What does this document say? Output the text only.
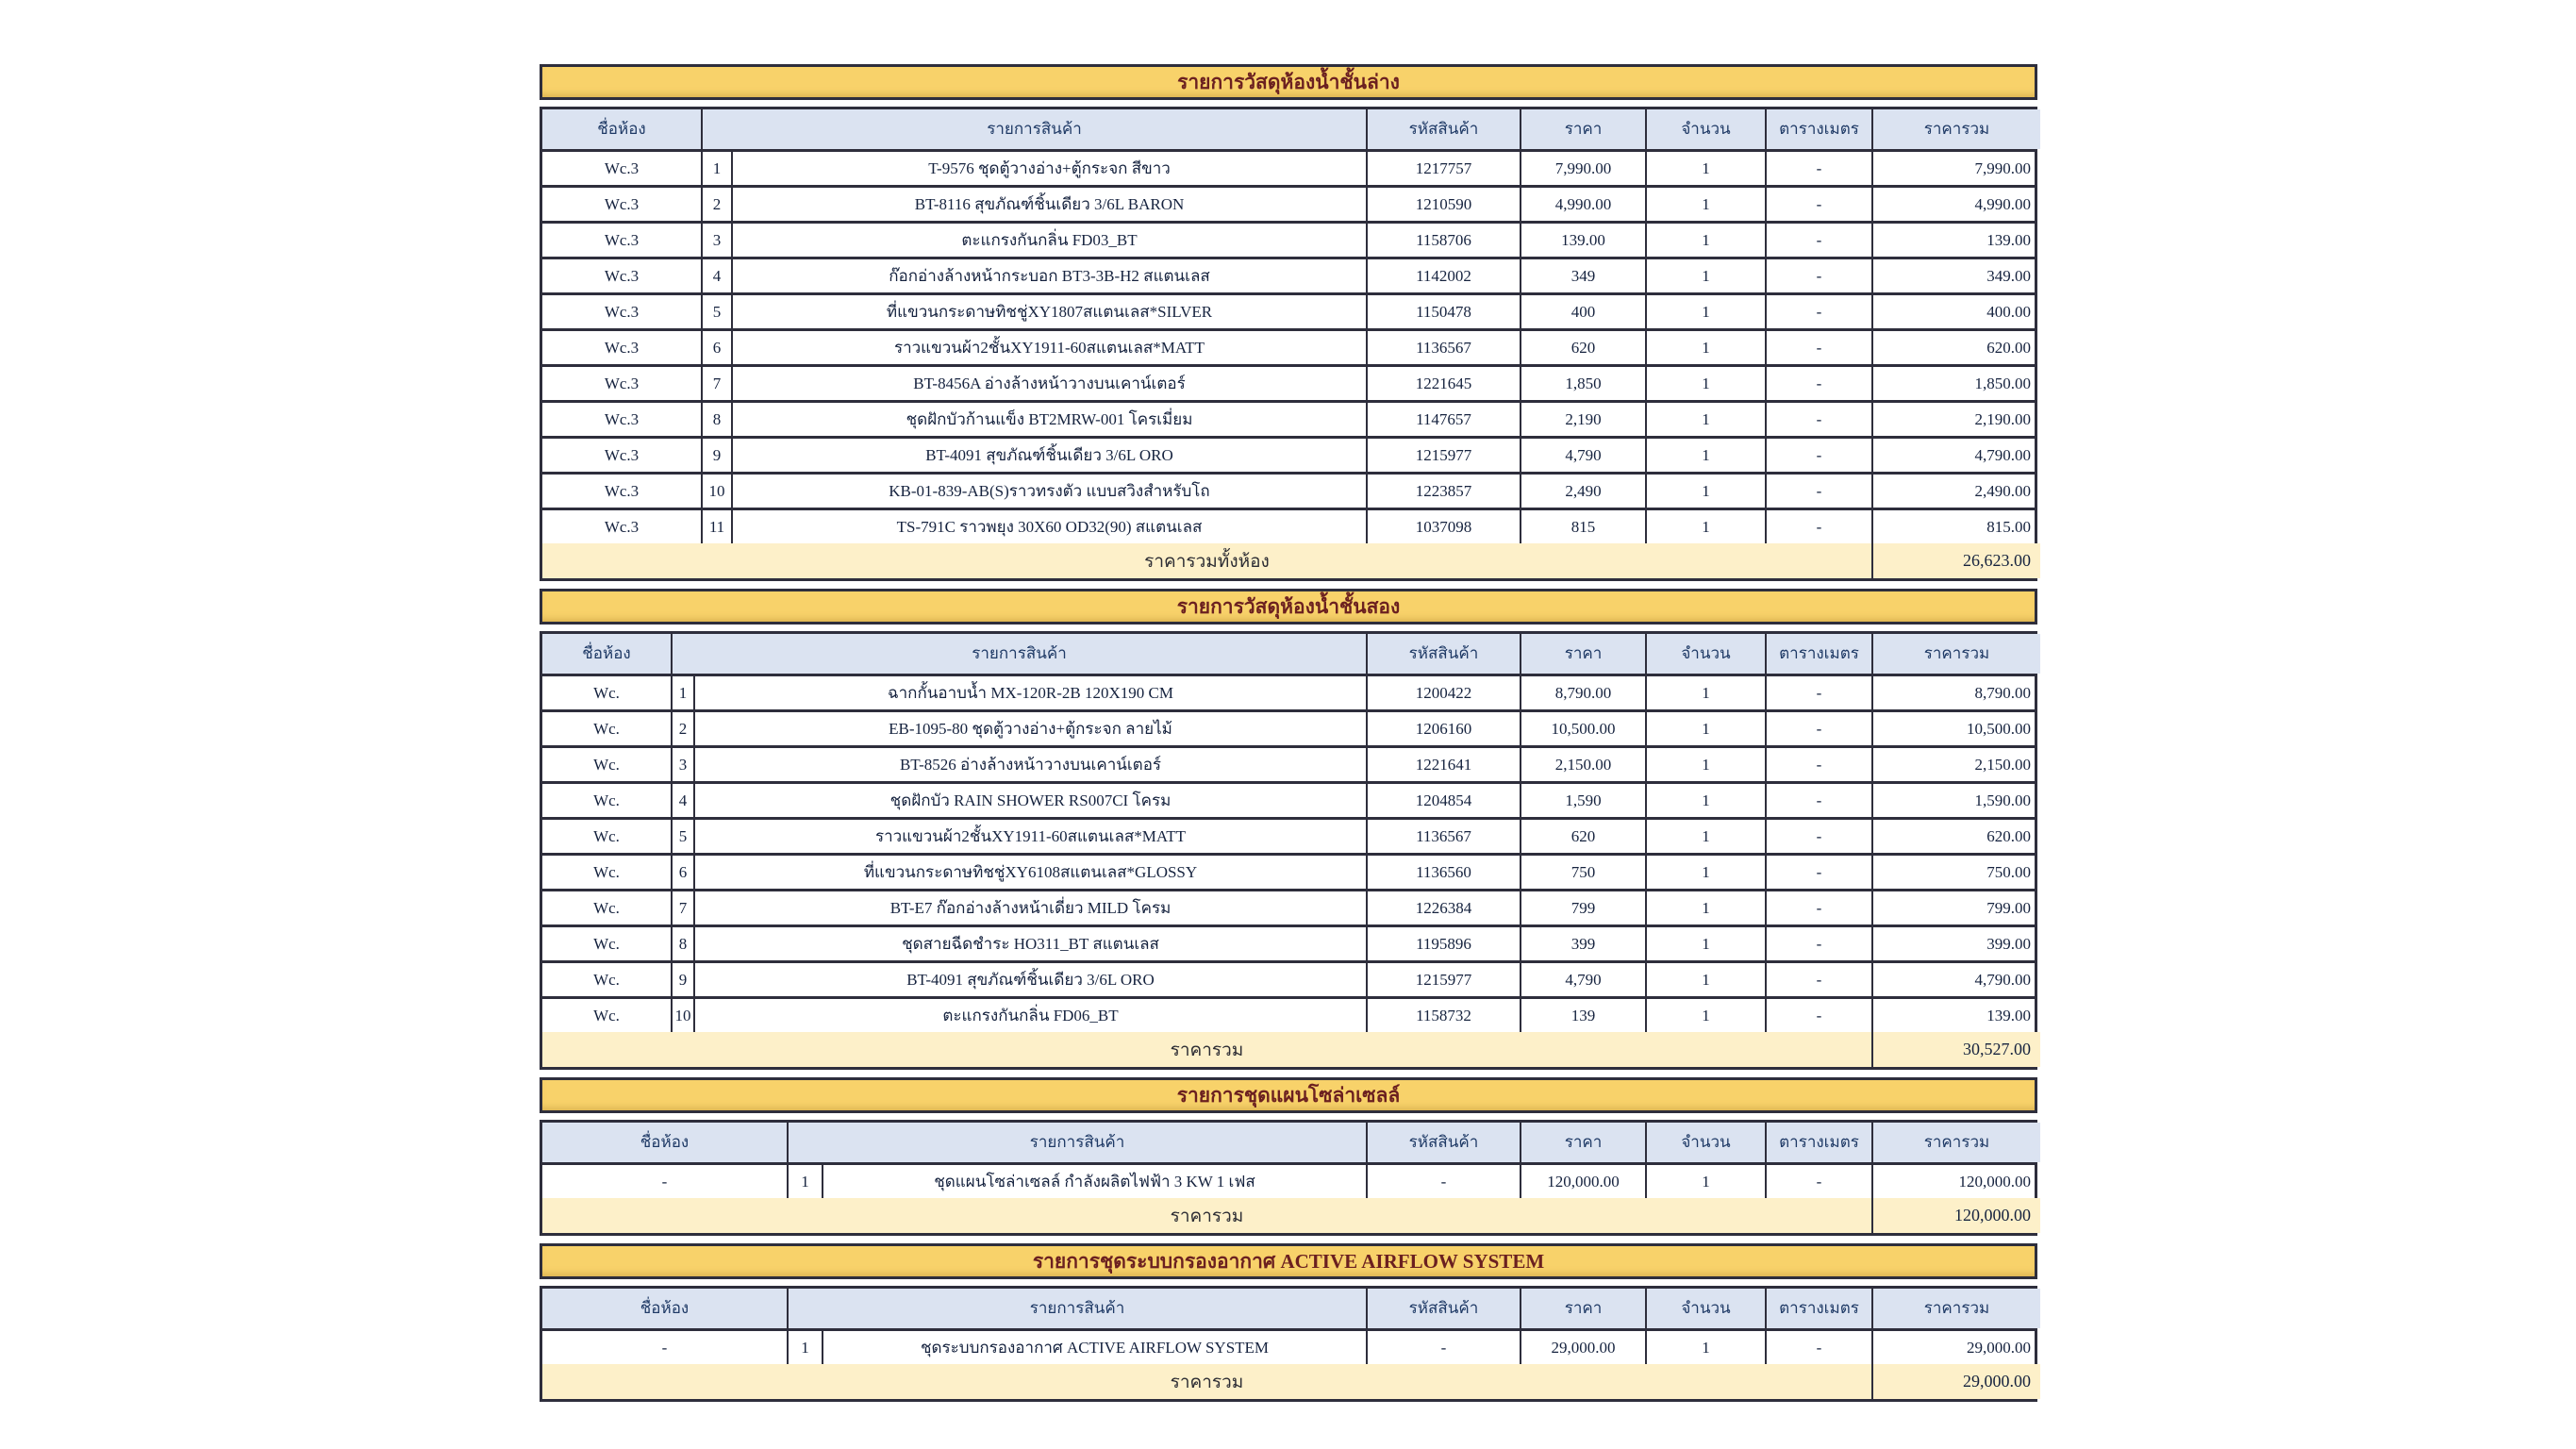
รายการวัสดุห้องน้ำชั้นล่าง
ชื่อห้อง	รายการสินค้า	รหัสสินค้า	ราคา	จำนวน	ตารางเมตร	ราคารวม
Wc.3	1	T-9576 ชุดตู้วางอ่าง+ตู้กระจก สีขาว	1217757	7,990.00	1	-	7,990.00
Wc.3	2	BT-8116 สุขภัณฑ์ชิ้นเดียว 3/6L BARON	1210590	4,990.00	1	-	4,990.00
Wc.3	3	ตะแกรงกันกลิ่น FD03_BT	1158706	139.00	1	-	139.00
Wc.3	4	ก๊อกอ่างล้างหน้ากระบอก BT3-3B-H2 สแตนเลส	1142002	349	1	-	349.00
Wc.3	5	ที่แขวนกระดาษทิชชู่XY1807สแตนเลส*SILVER	1150478	400	1	-	400.00
Wc.3	6	ราวแขวนผ้า2ชั้นXY1911-60สแตนเลส*MATT	1136567	620	1	-	620.00
Wc.3	7	BT-8456A อ่างล้างหน้าวางบนเคาน์เตอร์	1221645	1,850	1	-	1,850.00
Wc.3	8	ชุดฝักบัวก้านแข็ง BT2MRW-001 โครเมี่ยม	1147657	2,190	1	-	2,190.00
Wc.3	9	BT-4091 สุขภัณฑ์ชิ้นเดียว 3/6L ORO	1215977	4,790	1	-	4,790.00
Wc.3	10	KB-01-839-AB(S)ราวทรงตัว แบบสวิงสำหรับโถ	1223857	2,490	1	-	2,490.00
Wc.3	11	TS-791C ราวพยุง 30X60 OD32(90) สแตนเลส	1037098	815	1	-	815.00
ราคารวมทั้งห้อง	26,623.00
รายการวัสดุห้องน้ำชั้นสอง
ชื่อห้อง	รายการสินค้า	รหัสสินค้า	ราคา	จำนวน	ตารางเมตร	ราคารวม
Wc.	1	ฉากกั้นอาบน้ำ MX-120R-2B 120X190 CM	1200422	8,790.00	1	-	8,790.00
Wc.	2	EB-1095-80 ชุดตู้วางอ่าง+ตู้กระจก ลายไม้	1206160	10,500.00	1	-	10,500.00
Wc.	3	BT-8526 อ่างล้างหน้าวางบนเคาน์เตอร์	1221641	2,150.00	1	-	2,150.00
Wc.	4	ชุดฝักบัว RAIN SHOWER RS007CI โครม	1204854	1,590	1	-	1,590.00
Wc.	5	ราวแขวนผ้า2ชั้นXY1911-60สแตนเลส*MATT	1136567	620	1	-	620.00
Wc.	6	ที่แขวนกระดาษทิชชู่XY6108สแตนเลส*GLOSSY	1136560	750	1	-	750.00
Wc.	7	BT-E7 ก๊อกอ่างล้างหน้าเดี่ยว MILD โครม	1226384	799	1	-	799.00
Wc.	8	ชุดสายฉีดชำระ HO311_BT สแตนเลส	1195896	399	1	-	399.00
Wc.	9	BT-4091 สุขภัณฑ์ชิ้นเดียว 3/6L ORO	1215977	4,790	1	-	4,790.00
Wc.	10	ตะแกรงกันกลิ่น FD06_BT	1158732	139	1	-	139.00
ราคารวม	30,527.00
รายการชุดแผนโซล่าเซลล์
ชื่อห้อง	รายการสินค้า	รหัสสินค้า	ราคา	จำนวน	ตารางเมตร	ราคารวม
-	1	ชุดแผนโซล่าเซลล์ กำลังผลิตไฟฟ้า 3 KW 1 เฟส	-	120,000.00	1	-	120,000.00
ราคารวม	120,000.00
รายการชุดระบบกรองอากาศ ACTIVE AIRFLOW SYSTEM
ชื่อห้อง	รายการสินค้า	รหัสสินค้า	ราคา	จำนวน	ตารางเมตร	ราคารวม
-	1	ชุดระบบกรองอากาศ ACTIVE AIRFLOW SYSTEM	-	29,000.00	1	-	29,000.00
ราคารวม	29,000.00
